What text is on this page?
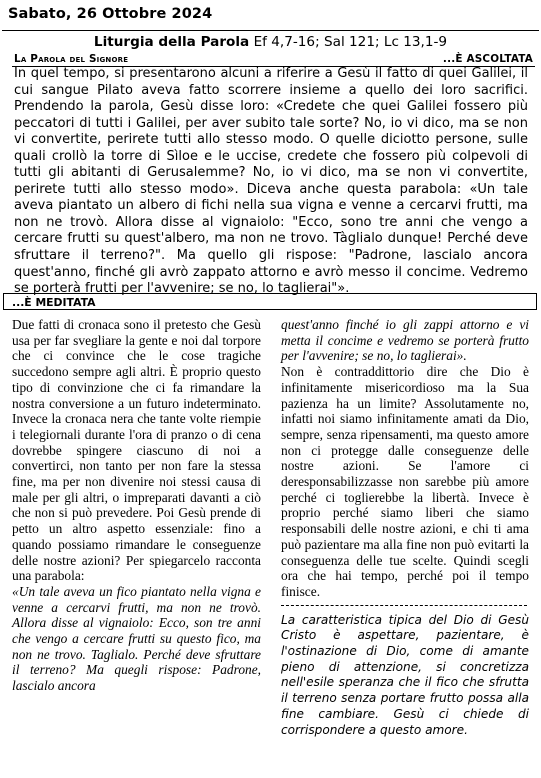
Sabato, 26 Ottobre 2024
Liturgia della Parola Ef 4,7-16; Sal 121; Lc 13,1-9
La Parola del Signore	...È ASCOLTATA
In quel tempo, si presentarono alcuni a riferire a Gesù il fatto di quei Galilei, il cui sangue Pilato aveva fatto scorrere insieme a quello dei loro sacrifici. Prendendo la parola, Gesù disse loro: «Credete che quei Galilei fossero più peccatori di tutti i Galilei, per aver subito tale sorte? No, io vi dico, ma se non vi convertite, perirete tutti allo stesso modo. O quelle diciotto persone, sulle quali crollò la torre di Sìloe e le uccise, credete che fossero più colpevoli di tutti gli abitanti di Gerusalemme? No, io vi dico, ma se non vi convertite, perirete tutti allo stesso modo». Diceva anche questa parabola: «Un tale aveva piantato un albero di fichi nella sua vigna e venne a cercarvi frutti, ma non ne trovò. Allora disse al vignaiolo: "Ecco, sono tre anni che vengo a cercare frutti su quest'albero, ma non ne trovo. Tàglialo dunque! Perché deve sfruttare il terreno?". Ma quello gli rispose: "Padrone, lascialo ancora quest'anno, finché gli avrò zappato attorno e avrò messo il concime. Vedremo se porterà frutti per l'avvenire; se no, lo taglierai"».
...È MEDITATA

Due fatti di cronaca sono il pretesto che Gesù usa per far svegliare la gente e noi dal torpore che ci convince che le cose tragiche succedono sempre agli altri. È proprio questo tipo di convinzione che ci fa rimandare la nostra conversione a un futuro indeterminato. Invece la cronaca nera che tante volte riempie i telegiornali durante l'ora di pranzo o di cena dovrebbe spingere ciascuno di noi a convertirci, non tanto per non fare la stessa fine, ma per non divenire noi stessi causa di male per gli altri, o impreparati davanti a ciò che non si può prevedere. Poi Gesù prende di petto un altro aspetto essenziale: fino a quando possiamo rimandare le conseguenze delle nostre azioni? Per spiegarcelo racconta una parabola:

«Un tale aveva un fico piantato nella vigna e venne a cercarvi frutti, ma non ne trovò. Allora disse al vignaiolo: Ecco, son tre anni che vengo a cercare frutti su questo fico, ma non ne trovo. Taglialo. Perché deve sfruttare il terreno? Ma quegli rispose: Padrone, lascialo ancora

quest'anno finché io gli zappi attorno e vi metta il concime e vedremo se porterà frutto per l'avvenire; se no, lo taglierai».

Non è contraddittorio dire che Dio è infinitamente misericordioso ma la Sua pazienza ha un limite? Assolutamente no, infatti noi siamo infinitamente amati da Dio, sempre, senza ripensamenti, ma questo amore non ci protegge dalle conseguenze delle nostre azioni. Se l'amore ci deresponsabilizzasse non sarebbe più amore perché ci toglierebbe la libertà. Invece è proprio perché siamo liberi che siamo responsabili delle nostre azioni, e chi ti ama può pazientare ma alla fine non può evitarti la conseguenza delle tue scelte. Quindi scegli ora che hai tempo, perché poi il tempo finisce.

La caratteristica tipica del Dio di Gesù Cristo è aspettare, pazientare, è l'ostinazione di Dio, come di amante pieno di attenzione, si concretizza nell'esile speranza che il fico che sfrutta il terreno senza portare frutto possa alla fine cambiare. Gesù ci chiede di corrispondere a questo amore.
